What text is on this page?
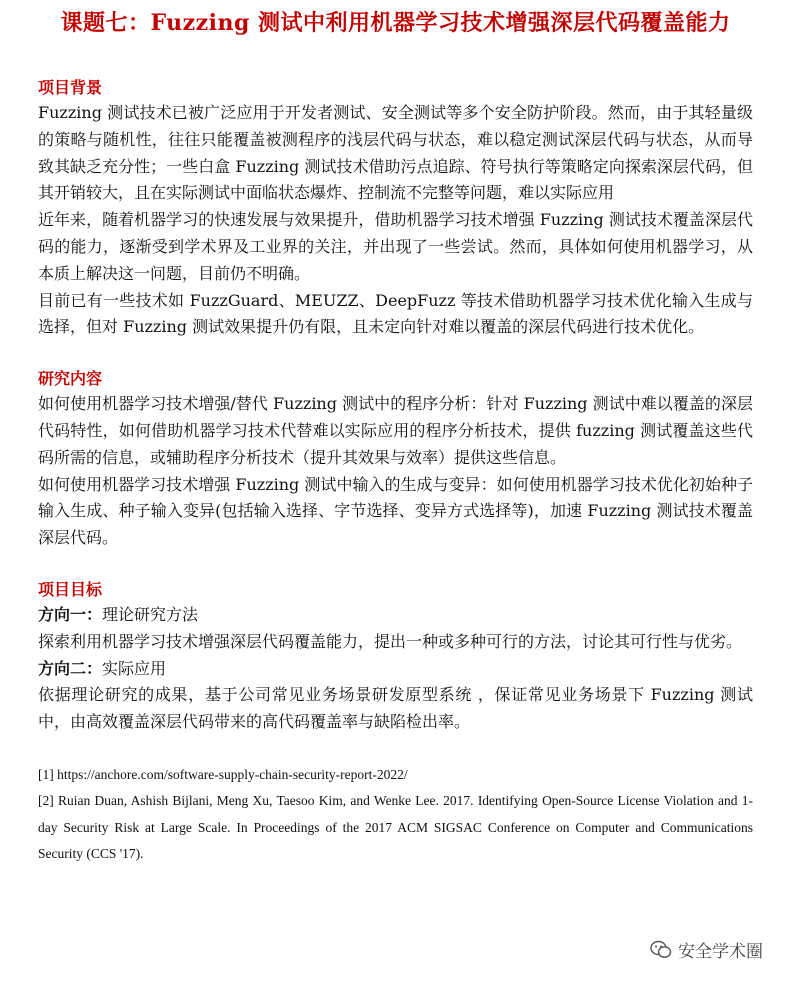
课题七：Fuzzing 测试中利用机器学习技术增强深层代码覆盖能力
项目背景

Fuzzing 测试技术已被广泛应用于开发者测试、安全测试等多个安全防护阶段。然而，由于其轻量级的策略与随机性，往往只能覆盖被测程序的浅层代码与状态，难以稳定测试深层代码与状态，从而导致其缺乏充分性；一些白盒 Fuzzing 测试技术借助污点追踪、符号执行等策略定向探索深层代码，但其开销较大，且在实际测试中面临状态爆炸、控制流不完整等问题，难以实际应用

近年来，随着机器学习的快速发展与效果提升，借助机器学习技术增强 Fuzzing 测试技术覆盖深层代码的能力，逐渐受到学术界及工业界的关注，并出现了一些尝试。然而，具体如何使用机器学习，从本质上解决这一问题，目前仍不明确。

目前已有一些技术如 FuzzGuard、MEUZZ、DeepFuzz 等技术借助机器学习技术优化输入生成与选择，但对 Fuzzing 测试效果提升仍有限，且未定向针对难以覆盖的深层代码进行技术优化。

研究内容

如何使用机器学习技术增强/替代 Fuzzing 测试中的程序分析：针对 Fuzzing 测试中难以覆盖的深层代码特性，如何借助机器学习技术代替难以实际应用的程序分析技术，提供 fuzzing 测试覆盖这些代码所需的信息，或辅助程序分析技术（提升其效果与效率）提供这些信息。

如何使用机器学习技术增强 Fuzzing 测试中输入的生成与变异：如何使用机器学习技术优化初始种子输入生成、种子输入变异(包括输入选择、字节选择、变异方式选择等)，加速 Fuzzing 测试技术覆盖深层代码。

项目目标

方向一：理论研究方法

探索利用机器学习技术增强深层代码覆盖能力，提出一种或多种可行的方法，讨论其可行性与优劣。

方向二：实际应用

依据理论研究的成果，基于公司常见业务场景研发原型系统 ，保证常见业务场景下 Fuzzing 测试中，由高效覆盖深层代码带来的高代码覆盖率与缺陷检出率。

[1] https://anchore.com/software-supply-chain-security-report-2022/

[2] Ruian Duan, Ashish Bijlani, Meng Xu, Taesoo Kim, and Wenke Lee. 2017. Identifying Open-Source License Violation and 1-day Security Risk at Large Scale. In Proceedings of the 2017 ACM SIGSAC Conference on Computer and Communications Security (CCS '17).

安全学术圈
